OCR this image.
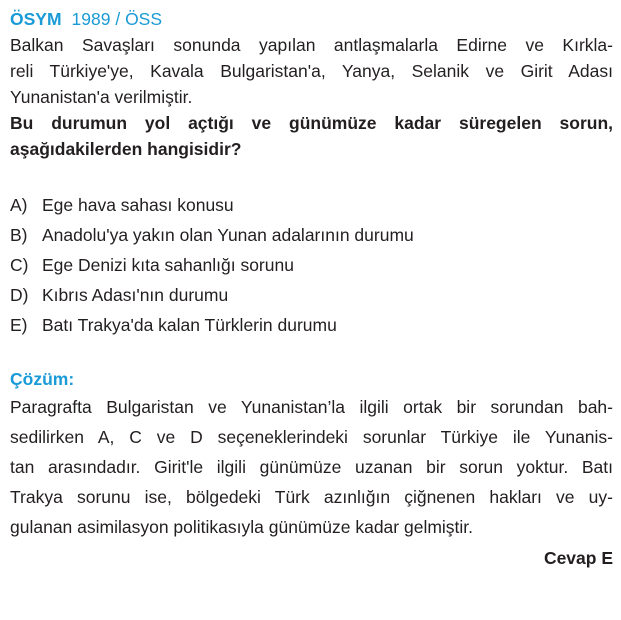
ÖSYM 1989 / ÖSS
Balkan Savaşları sonunda yapılan antlaşmalarla Edirne ve Kırkla-
reli Türkiye'ye, Kavala Bulgaristan'a, Yanya, Selanik ve Girit Adası
Yunanistan'a verilmiştir.
Bu durumun yol açtığı ve günümüze kadar süregelen sorun,
aşağıdakilerden hangisidir?
A) Ege hava sahası konusu
B) Anadolu'ya yakın olan Yunan adalarının durumu
C) Ege Denizi kıta sahanlığı sorunu
D) Kıbrıs Adası'nın durumu
E) Batı Trakya'da kalan Türklerin durumu
Çözüm:
Paragrafta Bulgaristan ve Yunanistan’la ilgili ortak bir sorundan bah-
sedilirken A, C ve D seçeneklerindeki sorunlar Türkiye ile Yunanis-
tan arasındadır. Girit'le ilgili günümüze uzanan bir sorun yoktur. Batı
Trakya sorunu ise, bölgedeki Türk azınlığın çiğnenen hakları ve uy-
gulanan asimilasyon politikasıyla günümüze kadar gelmiştir.
Cevap E
